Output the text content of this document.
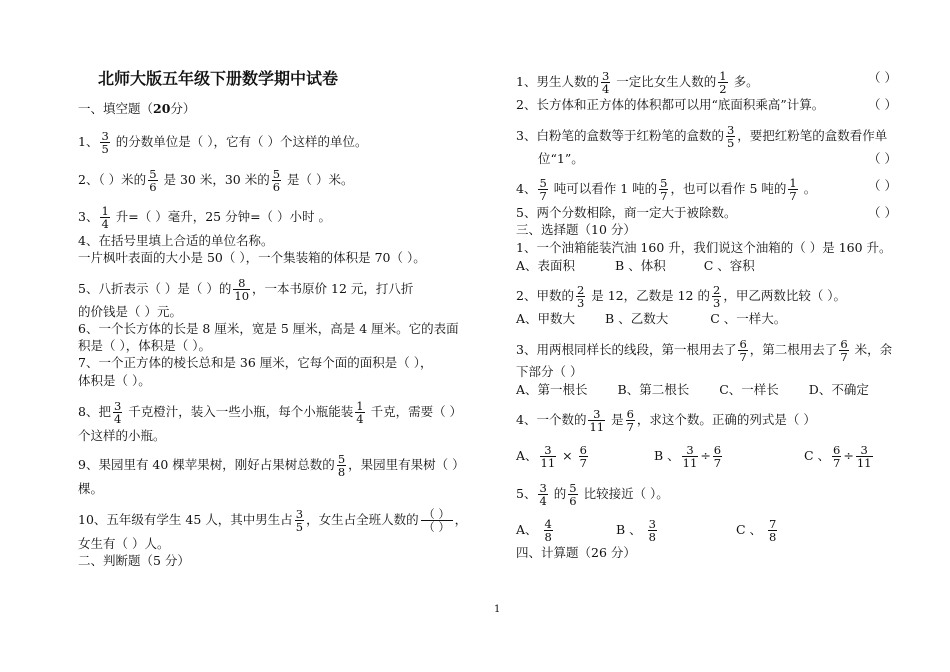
北师大版五年级下册数学期中试卷
一、填空题（20分）
1、 $\frac{3}{5}$ 的分数单位是（ ），它有（ ）个这样的单位。
2、（ ）米的 $\frac{5}{6}$ 是 30 米，30 米的 $\frac{5}{6}$ 是（ ）米。
3、 $\frac{1}{4}$ 升=（ ）毫升，25 分钟=（ ）小时 。
4、在括号里填上合适的单位名称。
一片枫叶表面的大小是 50（ ），一个集装箱的体积是 70（ ）。
5、八折表示（ ）是（ ）的 $\frac{8}{10}$ ，一本书原价 12 元，打八折
的价钱是（ ）元。
6、一个长方体的长是 8 厘米，宽是 5 厘米，高是 4 厘米。它的表面
积是（ ），体积是（ ）。
7、一个正方体的棱长总和是 36 厘米，它每个面的面积是（ ），
体积是（ ）。
8、把 $\frac{3}{4}$ 千克橙汁，装入一些小瓶，每个小瓶能装 $\frac{1}{4}$ 千克，需要（ ）
个这样的小瓶。
9、果园里有 40 棵苹果树，刚好占果树总数的 $\frac{5}{8}$ ，果园里有果树（ ）
棵。
10、五年级有学生 45 人，其中男生占 $\frac{3}{5}$ ，女生占全班人数的 $\frac{( )}{( )}$ ，
女生有（ ）人。
二、判断题（5 分）
1、男生人数的 $\frac{3}{4}$ 一定比女生人数的 $\frac{1}{2}$ 多。	（ ）
2、长方体和正方体的体积都可以用“底面积乘高”计算。	（ ）
3、白粉笔的盒数等于红粉笔的盒数的 $\frac{3}{5}$ ，要把红粉笔的盒数看作单
位“1”。	（ ）
4、 $\frac{5}{7}$ 吨可以看作 1 吨的 $\frac{5}{7}$ ，也可以看作 5 吨的 $\frac{1}{7}$ 。	（ ）
5、两个分数相除，商一定大于被除数。	（ ）
三、选择题（10 分）
1、一个油箱能装汽油 160 升，我们说这个油箱的（ ）是 160 升。
A、表面积	B 、体积	C 、容积
2、甲数的 $\frac{2}{3}$ 是 12，乙数是 12 的 $\frac{2}{3}$ ，甲乙两数比较（ ）。
A、甲数大 B 、乙数大	C 、一样大。
3、用两根同样长的线段，第一根用去了 $\frac{6}{7}$ ，第二根用去了 $\frac{6}{7}$ 米，余
下部分（ ）
A、第一根长 B、第二根长 C、一样长 D、不确定
4、一个数的 $\frac{3}{11}$ 是 $\frac{6}{7}$ ，求这个数。正确的列式是（ ）
A、 $\frac{3}{11} \times \frac{6}{7}$	B 、 $\frac{3}{11} \div \frac{6}{7}$	C 、 $\frac{6}{7} \div \frac{3}{11}$
5、 $\frac{3}{4}$ 的 $\frac{5}{6}$ 比较接近（ ）。
A、 $\frac{4}{8}$	B 、 $\frac{3}{8}$	C 、 $\frac{7}{8}$
四、计算题（26 分）
1
